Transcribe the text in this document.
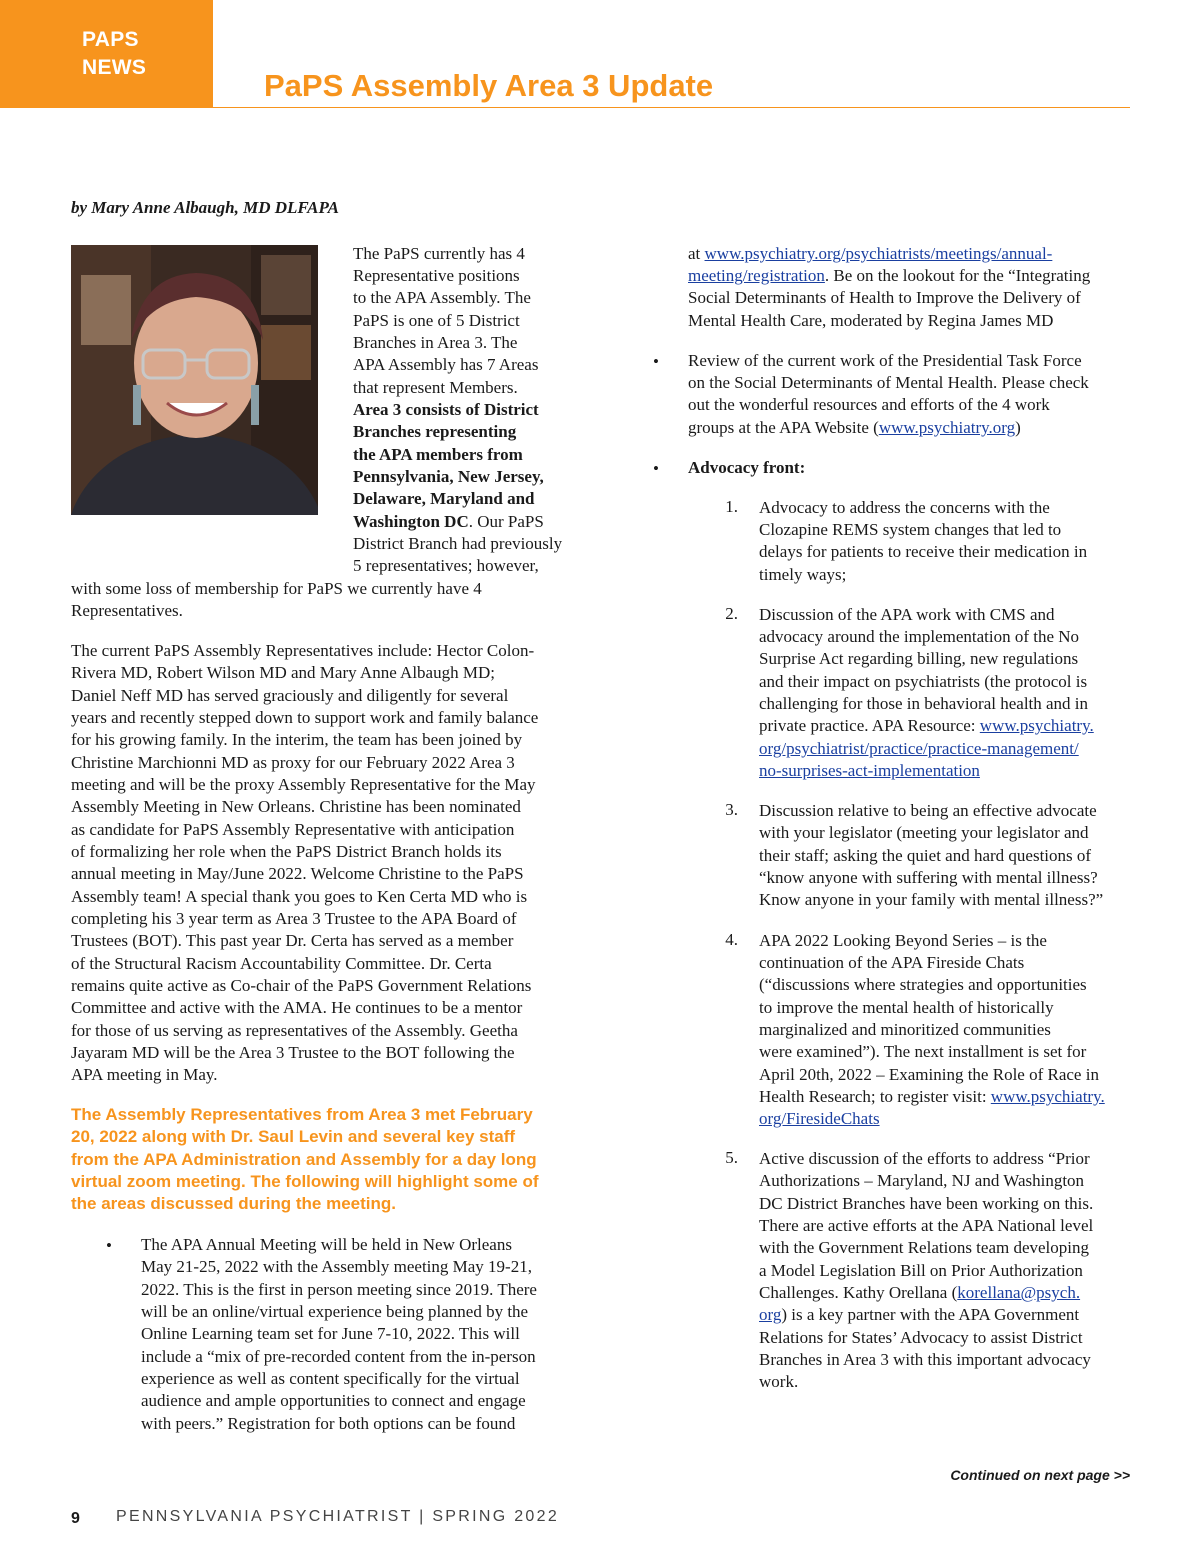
PAPS
NEWS
PaPS Assembly Area 3 Update
by Mary Anne Albaugh, MD DLFAPA
The PaPS currently has 4
Representative positions
to the APA Assembly. The
PaPS is one of 5 District
Branches in Area 3. The
APA Assembly has 7 Areas
that represent Members.
Area 3 consists of District
Branches representing
the APA members from
Pennsylvania, New Jersey,
Delaware, Maryland and
Washington DC. Our PaPS
District Branch had previously
5 representatives; however,
with some loss of membership for PaPS we currently have 4
Representatives.
The current PaPS Assembly Representatives include: Hector Colon-
Rivera MD, Robert Wilson MD and Mary Anne Albaugh MD;
Daniel Neff MD has served graciously and diligently for several
years and recently stepped down to support work and family balance
for his growing family. In the interim, the team has been joined by
Christine Marchionni MD as proxy for our February 2022 Area 3
meeting and will be the proxy Assembly Representative for the May
Assembly Meeting in New Orleans. Christine has been nominated
as candidate for PaPS Assembly Representative with anticipation
of formalizing her role when the PaPS District Branch holds its
annual meeting in May/June 2022. Welcome Christine to the PaPS
Assembly team! A special thank you goes to Ken Certa MD who is
completing his 3 year term as Area 3 Trustee to the APA Board of
Trustees (BOT). This past year Dr. Certa has served as a member
of the Structural Racism Accountability Committee. Dr. Certa
remains quite active as Co-chair of the PaPS Government Relations
Committee and active with the AMA. He continues to be a mentor
for those of us serving as representatives of the Assembly. Geetha
Jayaram MD will be the Area 3 Trustee to the BOT following the
APA meeting in May.
The Assembly Representatives from Area 3 met February
20, 2022 along with Dr. Saul Levin and several key staff
from the APA Administration and Assembly for a day long
virtual zoom meeting. The following will highlight some of
the areas discussed during the meeting.
• The APA Annual Meeting will be held in New Orleans
May 21-25, 2022 with the Assembly meeting May 19-21,
2022. This is the first in person meeting since 2019. There
will be an online/virtual experience being planned by the
Online Learning team set for June 7-10, 2022. This will
include a “mix of pre-recorded content from the in-person
experience as well as content specifically for the virtual
audience and ample opportunities to connect and engage
with peers.” Registration for both options can be found
at www.psychiatry.org/psychiatrists/meetings/annual-
meeting/registration. Be on the lookout for the “Integrating
Social Determinants of Health to Improve the Delivery of
Mental Health Care, moderated by Regina James MD
• Review of the current work of the Presidential Task Force
on the Social Determinants of Mental Health. Please check
out the wonderful resources and efforts of the 4 work
groups at the APA Website (www.psychiatry.org)
• Advocacy front:
1. Advocacy to address the concerns with the
Clozapine REMS system changes that led to
delays for patients to receive their medication in
timely ways;
2. Discussion of the APA work with CMS and
advocacy around the implementation of the No
Surprise Act regarding billing, new regulations
and their impact on psychiatrists (the protocol is
challenging for those in behavioral health and in
private practice. APA Resource: www.psychiatry.
org/psychiatrist/practice/practice-management/
no-surprises-act-implementation
3. Discussion relative to being an effective advocate
with your legislator (meeting your legislator and
their staff; asking the quiet and hard questions of
“know anyone with suffering with mental illness?
Know anyone in your family with mental illness?”
4. APA 2022 Looking Beyond Series – is the
continuation of the APA Fireside Chats
(“discussions where strategies and opportunities
to improve the mental health of historically
marginalized and minoritized communities
were examined”). The next installment is set for
April 20th, 2022 – Examining the Role of Race in
Health Research; to register visit: www.psychiatry.
org/FiresideChats
5. Active discussion of the efforts to address “Prior
Authorizations – Maryland, NJ and Washington
DC District Branches have been working on this.
There are active efforts at the APA National level
with the Government Relations team developing
a Model Legislation Bill on Prior Authorization
Challenges. Kathy Orellana (korellana@psych.
org) is a key partner with the APA Government
Relations for States’ Advocacy to assist District
Branches in Area 3 with this important advocacy
work.
Continued on next page >>
9 PENNSYLVANIA PSYCHIATRIST | SPRING 2022
